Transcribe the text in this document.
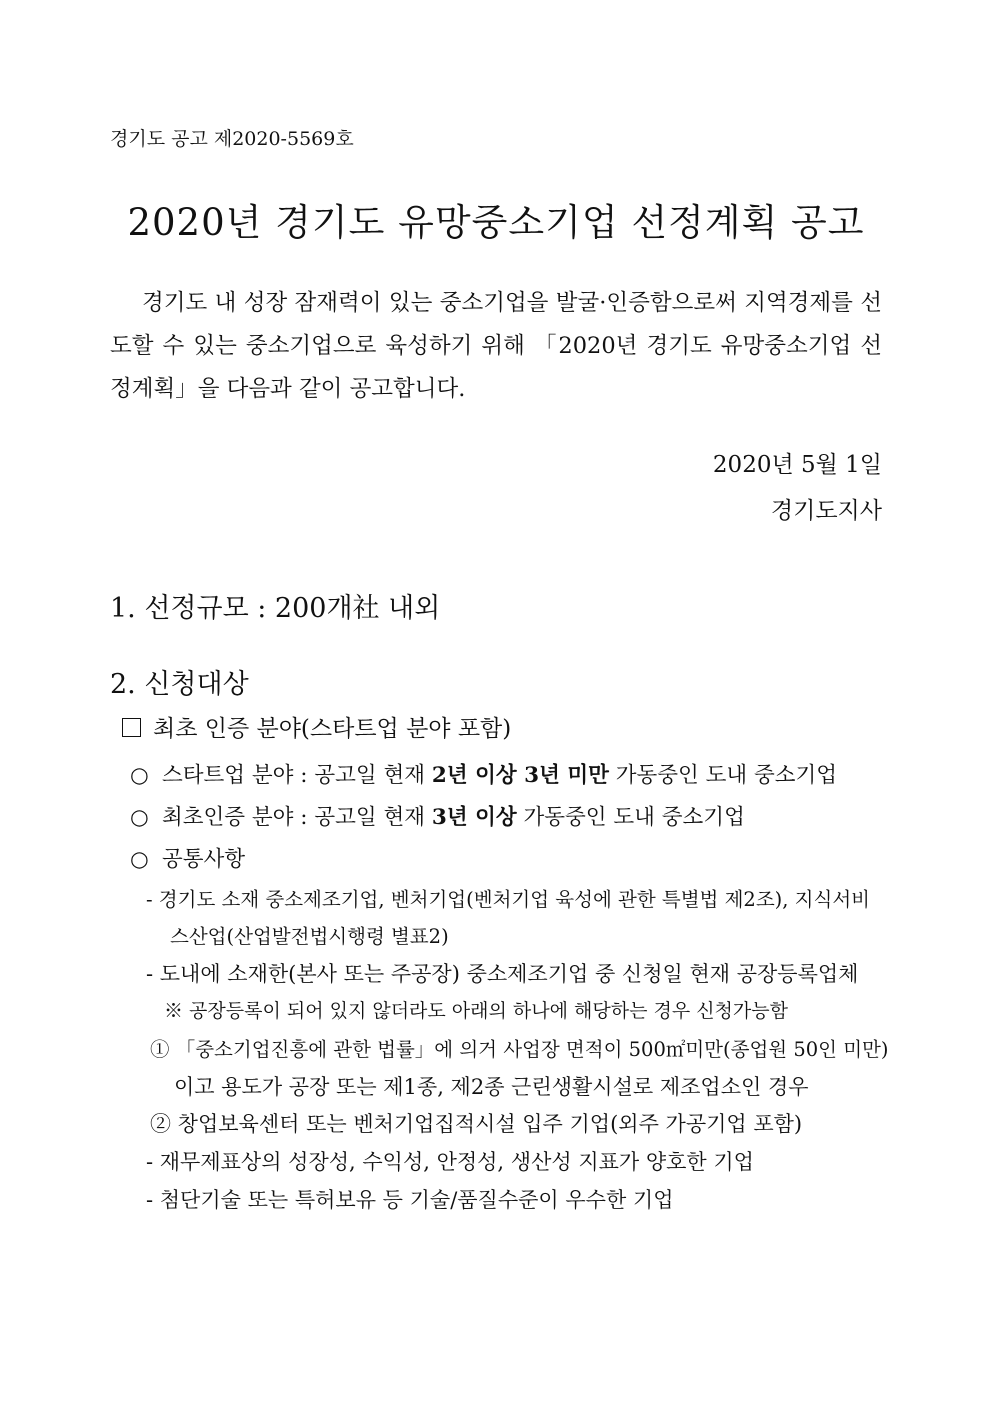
경기도 공고 제2020-5569호
2020년 경기도 유망중소기업 선정계획 공고
경기도 내 성장 잠재력이 있는 중소기업을 발굴·인증함으로써 지역경제를 선도할 수 있는 중소기업으로 육성하기 위해 「2020년 경기도 유망중소기업 선정계획」을 다음과 같이 공고합니다.
2020년 5월 1일
경기도지사
1. 선정규모 : 200개社 내외
2. 신청대상
최초 인증 분야(스타트업 분야 포함)
○ 스타트업 분야 : 공고일 현재 2년 이상 3년 미만 가동중인 도내 중소기업
○ 최초인증 분야 : 공고일 현재 3년 이상 가동중인 도내 중소기업
○ 공통사항
- 경기도 소재 중소제조기업, 벤처기업(벤처기업 육성에 관한 특별법 제2조), 지식서비
스산업(산업발전법시행령 별표2)
- 도내에 소재한(본사 또는 주공장) 중소제조기업 중 신청일 현재 공장등록업체
※ 공장등록이 되어 있지 않더라도 아래의 하나에 해당하는 경우 신청가능함
① 「중소기업진흥에 관한 법률」에 의거 사업장 면적이 500㎡미만(종업원 50인 미만)
이고 용도가 공장 또는 제1종, 제2종 근린생활시설로 제조업소인 경우
② 창업보육센터 또는 벤처기업집적시설 입주 기업(외주 가공기업 포함)
- 재무제표상의 성장성, 수익성, 안정성, 생산성 지표가 양호한 기업
- 첨단기술 또는 특허보유 등 기술/품질수준이 우수한 기업
